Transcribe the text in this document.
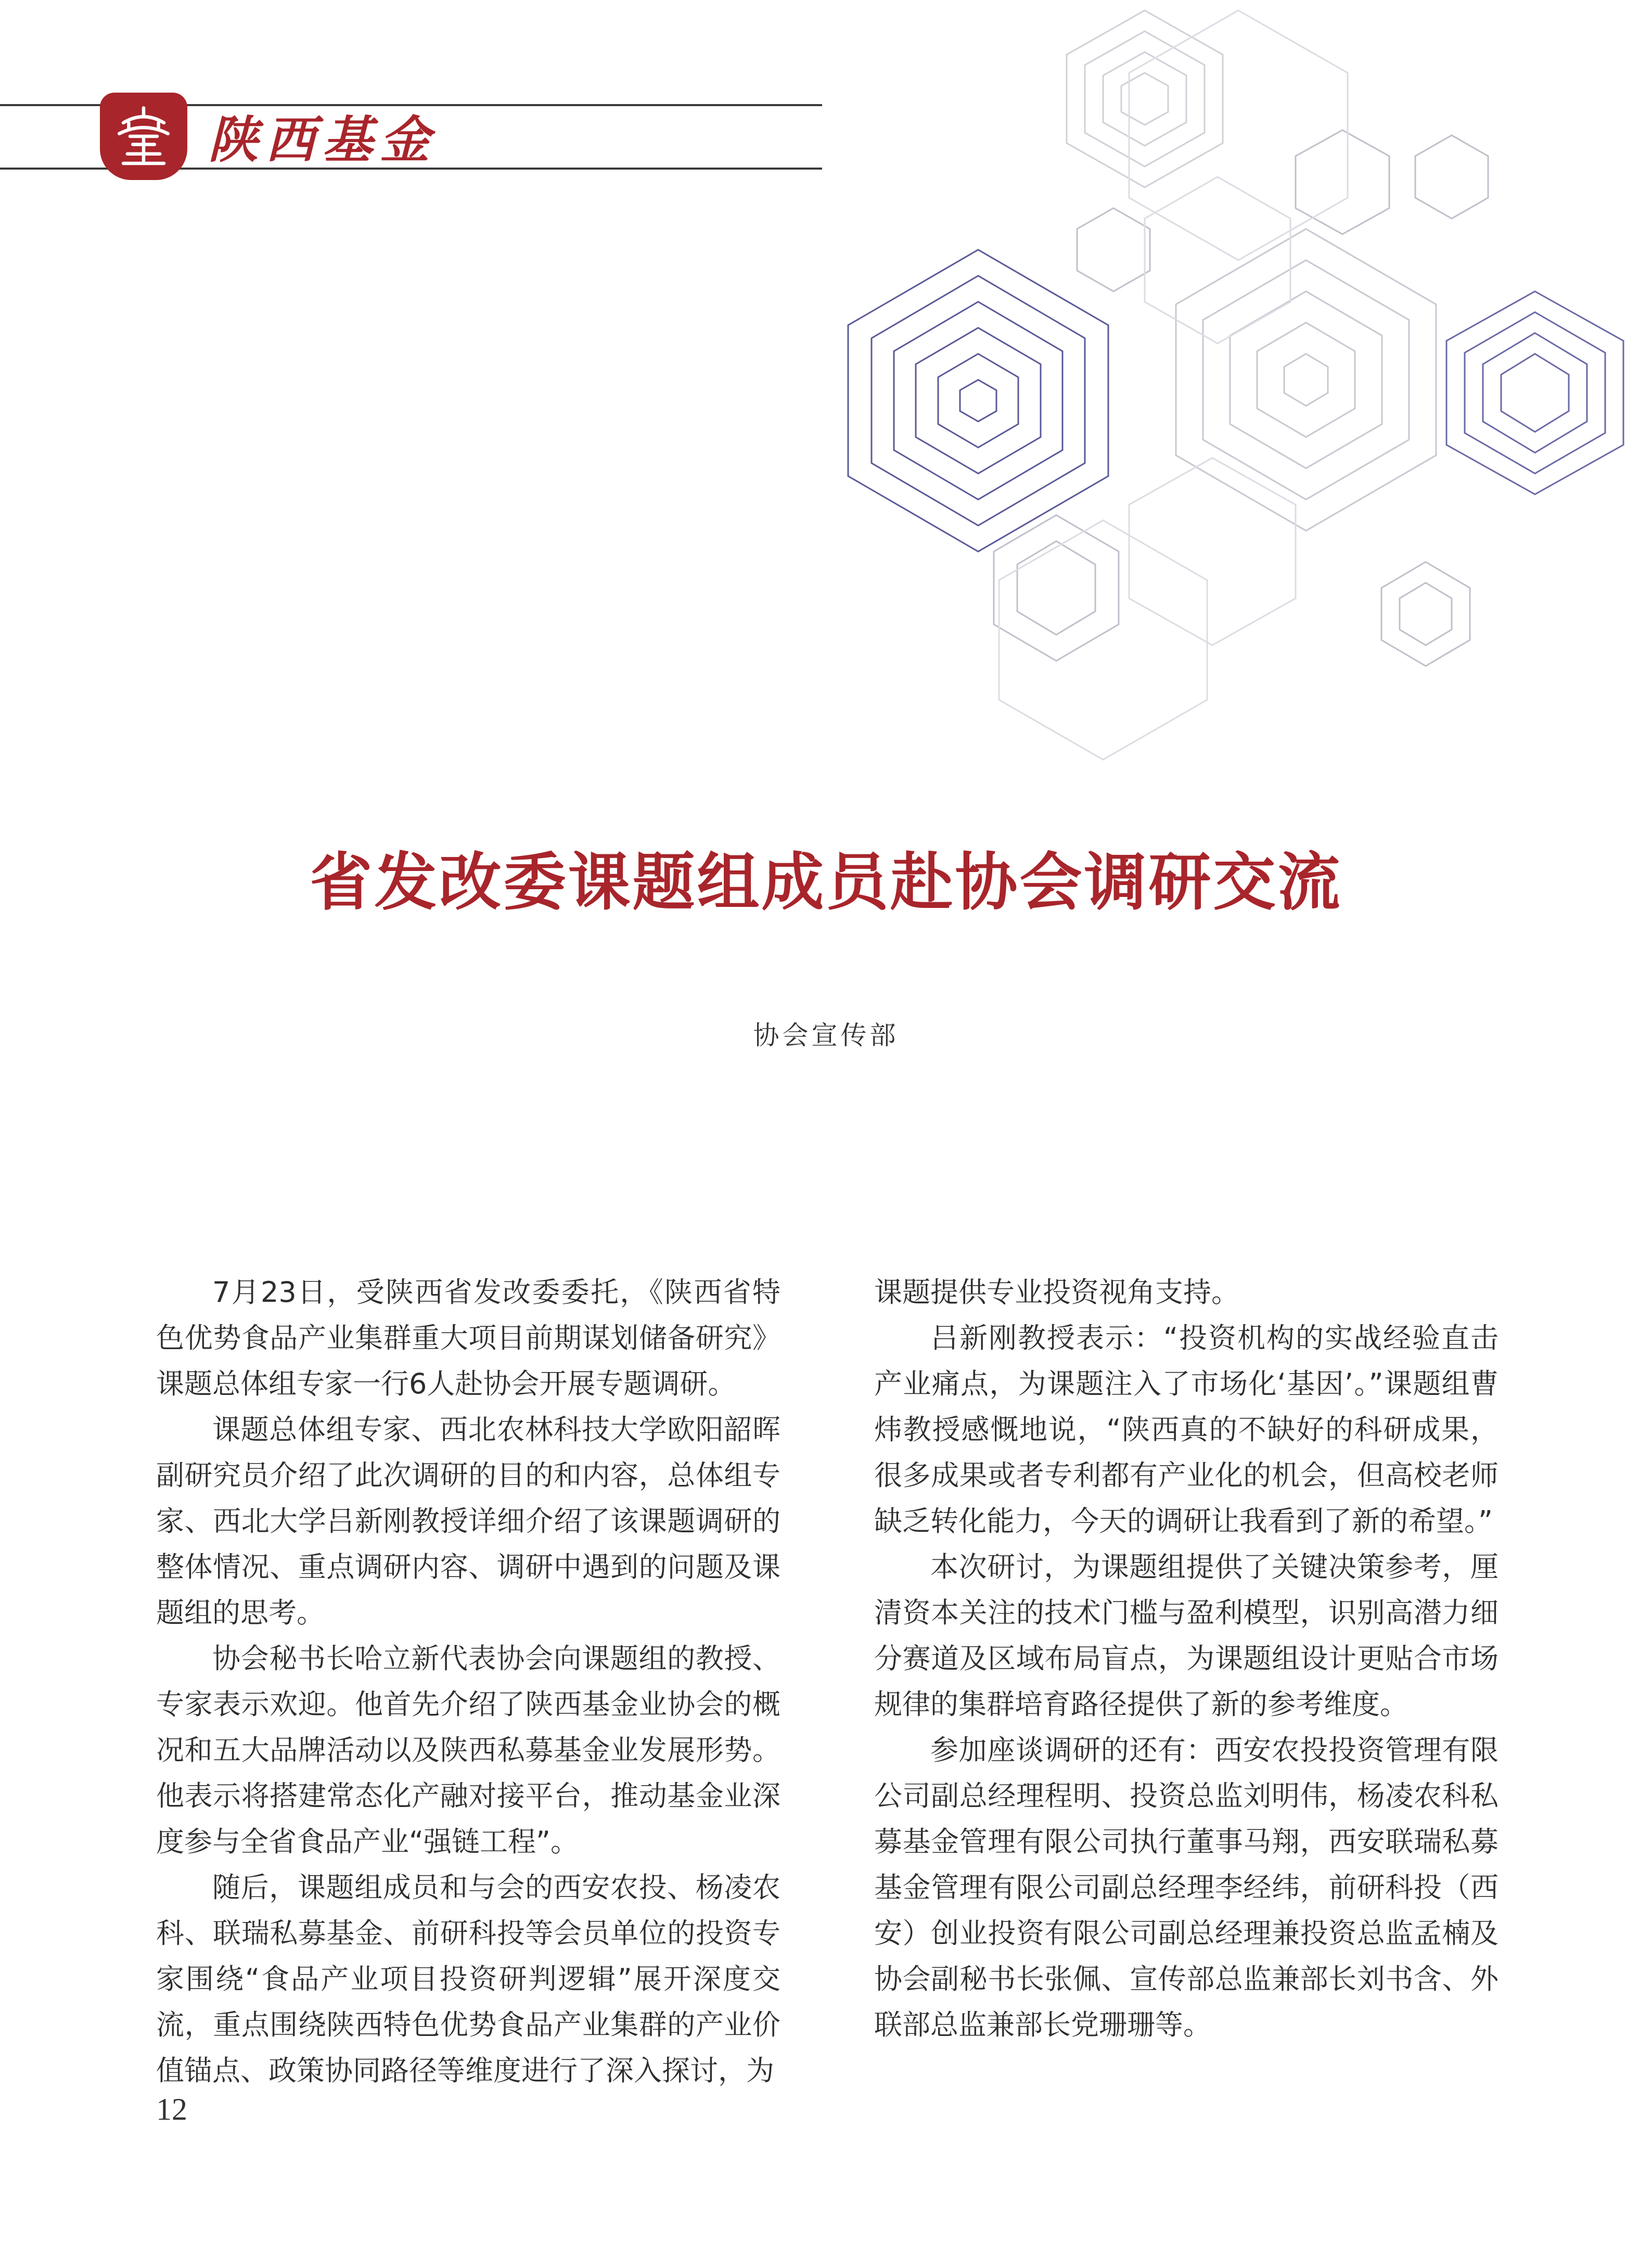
陕西基金
省发改委课题组成员赴协会调研交流
协会宣传部

7月23日，受陕西省发改委委托，《陕西省特色优势食品产业集群重大项目前期谋划储备研究》课题总体组专家一行6人赴协会开展专题调研。

课题总体组专家、西北农林科技大学欧阳韶晖副研究员介绍了此次调研的目的和内容，总体组专家、西北大学吕新刚教授详细介绍了该课题调研的整体情况、重点调研内容、调研中遇到的问题及课题组的思考。

协会秘书长哈立新代表协会向课题组的教授、专家表示欢迎。他首先介绍了陕西基金业协会的概况和五大品牌活动以及陕西私募基金业发展形势。他表示将搭建常态化产融对接平台，推动基金业深度参与全省食品产业“强链工程”。

随后，课题组成员和与会的西安农投、杨凌农科、联瑞私募基金、前研科投等会员单位的投资专家围绕“食品产业项目投资研判逻辑”展开深度交流，重点围绕陕西特色优势食品产业集群的产业价值锚点、政策协同路径等维度进行了深入探讨，为

课题提供专业投资视角支持。

吕新刚教授表示：“投资机构的实战经验直击产业痛点，为课题注入了市场化‘基因’。”课题组曹炜教授感慨地说，“陕西真的不缺好的科研成果，很多成果或者专利都有产业化的机会，但高校老师缺乏转化能力，今天的调研让我看到了新的希望。”

本次研讨，为课题组提供了关键决策参考，厘清资本关注的技术门槛与盈利模型，识别高潜力细分赛道及区域布局盲点，为课题组设计更贴合市场规律的集群培育路径提供了新的参考维度。

参加座谈调研的还有：西安农投投资管理有限公司副总经理程明、投资总监刘明伟，杨凌农科私募基金管理有限公司执行董事马翔，西安联瑞私募基金管理有限公司副总经理李经纬，前研科投（西安）创业投资有限公司副总经理兼投资总监孟楠及协会副秘书长张佩、宣传部总监兼部长刘书含、外联部总监兼部长党珊珊等。

12
